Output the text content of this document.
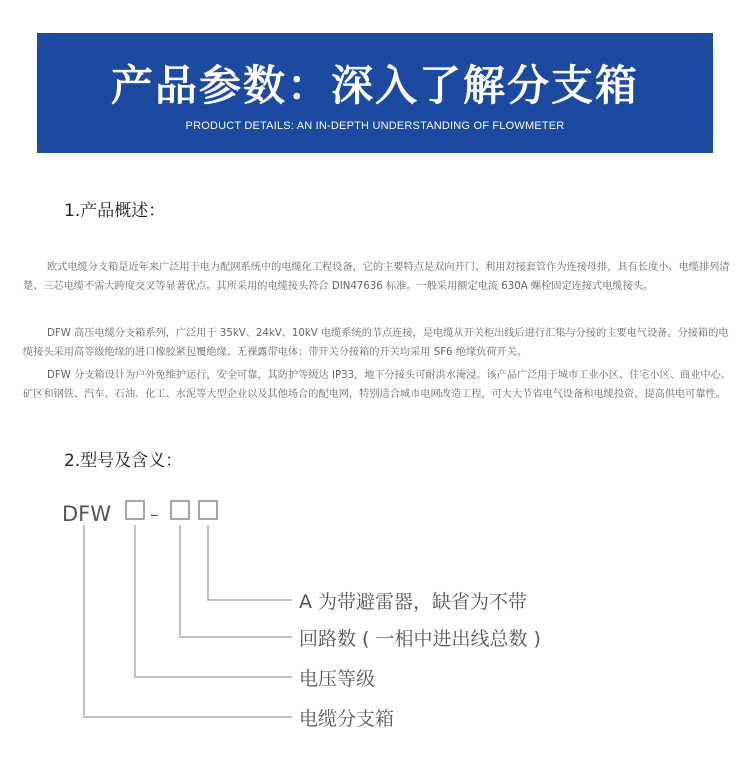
产品参数：深入了解分支箱
PRODUCT DETAILS: AN IN-DEPTH UNDERSTANDING OF FLOWMETER
1.产品概述：

欧式电缆分支箱是近年来广泛用于电力配网系统中的电缆化工程设备，它的主要特点是双向开门、利用对接套管作为连接母排，具有长度小、电缆排列清楚、三芯电缆不需大跨度交叉等显著优点。其所采用的电缆接头符合 DIN47636 标准。一般采用额定电流 630A 螺栓固定连接式电缆接头。

DFW 高压电缆分支箱系列，广泛用于 35kV、24kV、10kV 电缆系统的节点连接，是电缆从开关柜出线后进行汇集与分接的主要电气设备。分接箱的电缆接头采用高等级绝缘的进口橡胶紧包覆绝缘、无裸露带电体；带开关分接箱的开关均采用 SF6 绝缘负荷开关。

DFW 分支箱设计为户外免维护运行，安全可靠，其防护等级达 IP33，地下分接头可耐洪水淹浸。该产品广泛用于城市工业小区、住宅小区、商业中心、矿区和钢铁、汽车、石油、化工、水泥等大型企业以及其他场合的配电网，特别适合城市电网改造工程，可大大节省电气设备和电缆投资，提高供电可靠性。

2.型号及含义：
DFW –
A 为带避雷器，缺省为不带
回路数 ( 一相中进出线总数 )
电压等级
电缆分支箱
